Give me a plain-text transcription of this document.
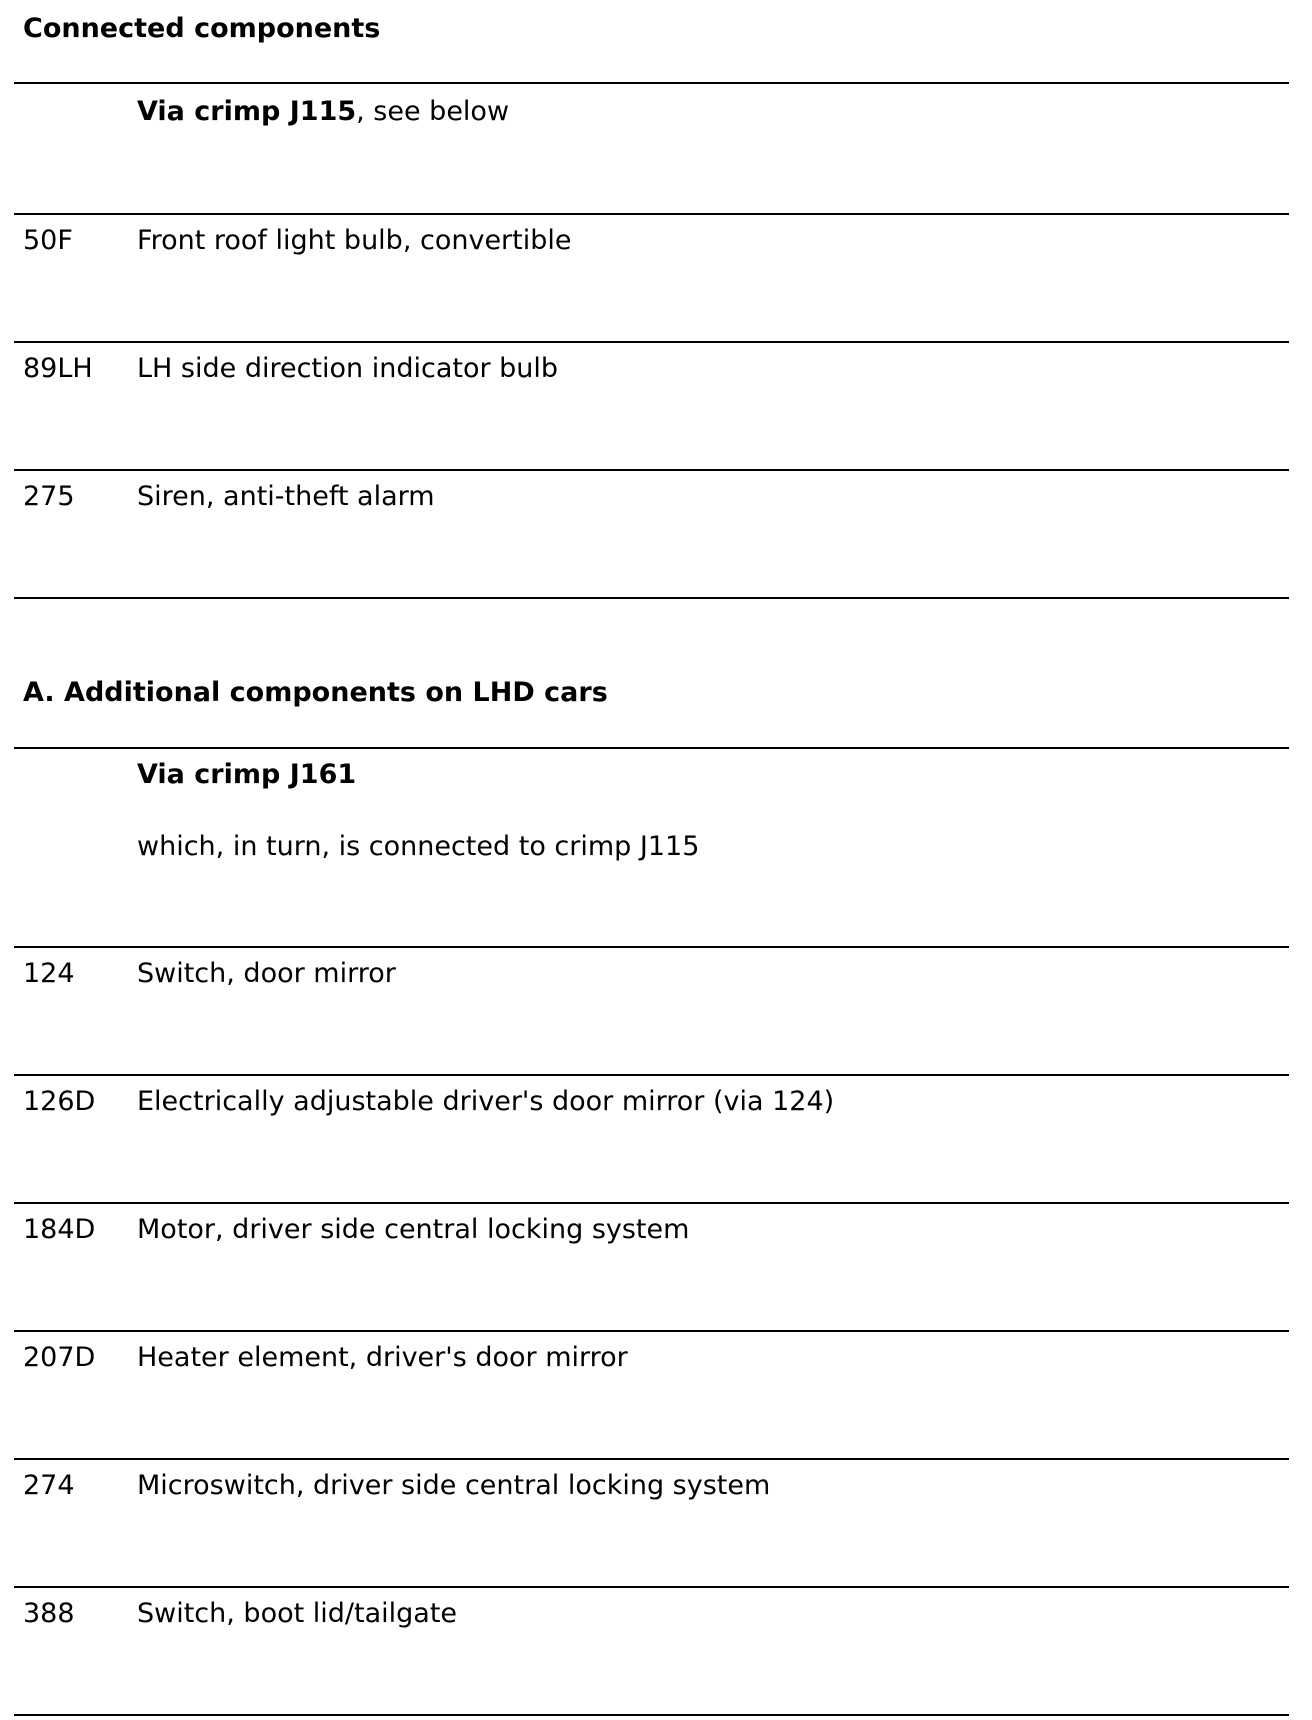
Connected components
Via crimp J115, see below
50F Front roof light bulb, convertible
89LH LH side direction indicator bulb
275 Siren, anti-theft alarm
A. Additional components on LHD cars
Via crimp J161
which, in turn, is connected to crimp J115
124 Switch, door mirror
126D Electrically adjustable driver's door mirror (via 124)
184D Motor, driver side central locking system
207D Heater element, driver's door mirror
274 Microswitch, driver side central locking system
388 Switch, boot lid/tailgate
